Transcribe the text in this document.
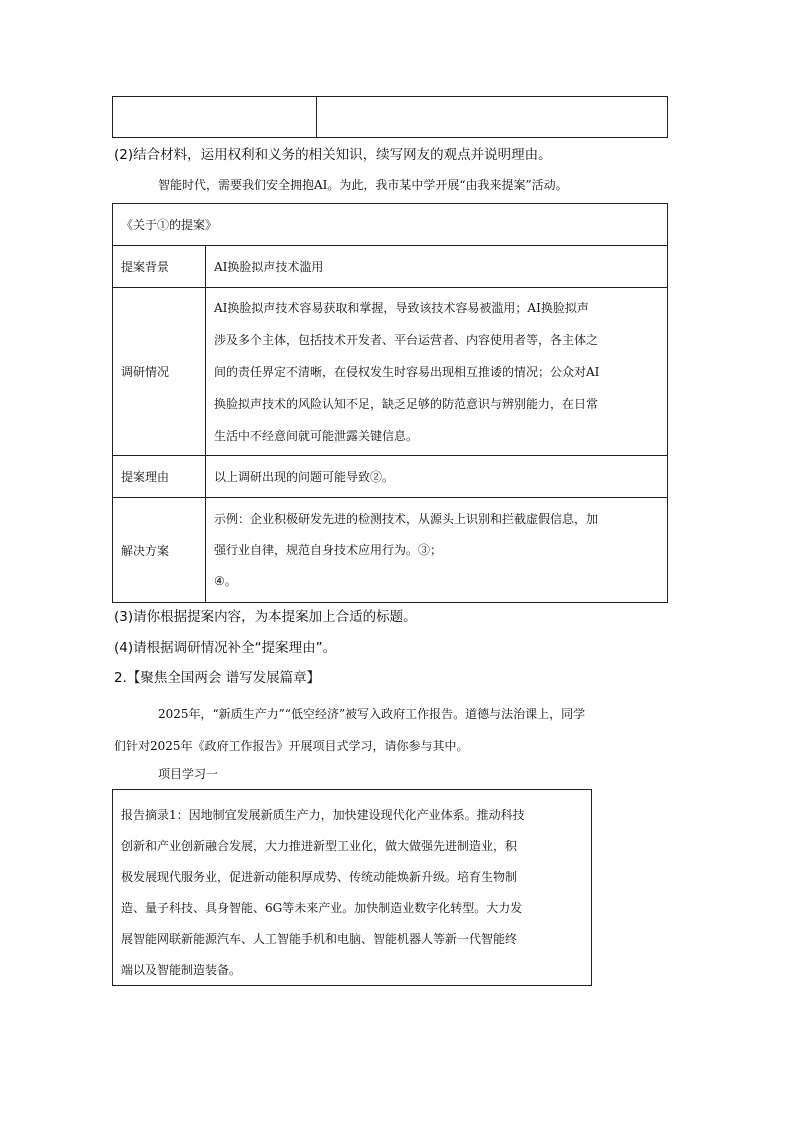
(2)结合材料，运用权利和义务的相关知识，续写网友的观点并说明理由。
智能时代，需要我们安全拥抱AI。为此，我市某中学开展“由我来提案”活动。
《关于①的提案》	
提案背景	AI换脸拟声技术滥用
调研情况	AI换脸拟声技术容易获取和掌握，导致该技术容易被滥用；AI换脸拟声
涉及多个主体，包括技术开发者、平台运营者、内容使用者等，各主体之
间的责任界定不清晰，在侵权发生时容易出现相互推诿的情况；公众对AI
换脸拟声技术的风险认知不足，缺乏足够的防范意识与辨别能力，在日常
生活中不经意间就可能泄露关键信息。

提案理由	以上调研出现的问题可能导致②。
解决方案	示例：企业积极研发先进的检测技术，从源头上识别和拦截虚假信息，加
强行业自律，规范自身技术应用行为。③；
④。
(3)请你根据提案内容，为本提案加上合适的标题。
(4)请根据调研情况补全“提案理由”。
2.【聚焦全国两会 谱写发展篇章】
2025年，“新质生产力”“低空经济”被写入政府工作报告。道德与法治课上，同学
们针对2025年《政府工作报告》开展项目式学习，请你参与其中。
项目学习一
报告摘录1：因地制宜发展新质生产力，加快建设现代化产业体系。推动科技
创新和产业创新融合发展，大力推进新型工业化，做大做强先进制造业，积
极发展现代服务业，促进新动能积厚成势、传统动能焕新升级。培育生物制
造、量子科技、具身智能、6G等未来产业。加快制造业数字化转型。大力发
展智能网联新能源汽车、人工智能手机和电脑、智能机器人等新一代智能终
端以及智能制造装备。
